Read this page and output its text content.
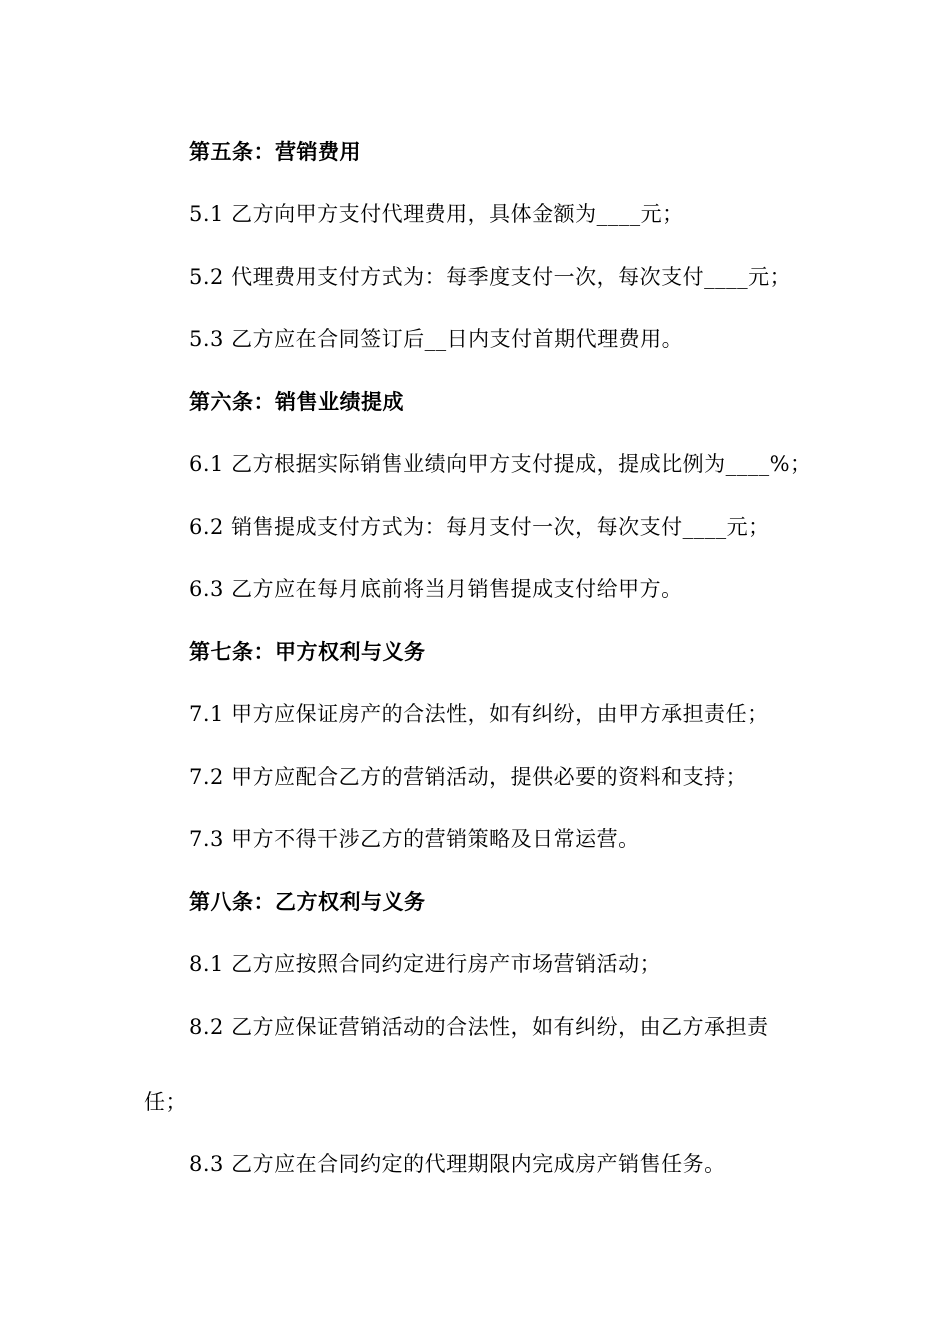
第五条：营销费用
5.1 乙方向甲方支付代理费用，具体金额为____元；
5.2 代理费用支付方式为：每季度支付一次，每次支付____元；
5.3 乙方应在合同签订后__日内支付首期代理费用。
第六条：销售业绩提成
6.1 乙方根据实际销售业绩向甲方支付提成，提成比例为____%；
6.2 销售提成支付方式为：每月支付一次，每次支付____元；
6.3 乙方应在每月底前将当月销售提成支付给甲方。
第七条：甲方权利与义务
7.1 甲方应保证房产的合法性，如有纠纷，由甲方承担责任；
7.2 甲方应配合乙方的营销活动，提供必要的资料和支持；
7.3 甲方不得干涉乙方的营销策略及日常运营。
第八条：乙方权利与义务
8.1 乙方应按照合同约定进行房产市场营销活动；
8.2 乙方应保证营销活动的合法性，如有纠纷，由乙方承担责
任；
8.3 乙方应在合同约定的代理期限内完成房产销售任务。
